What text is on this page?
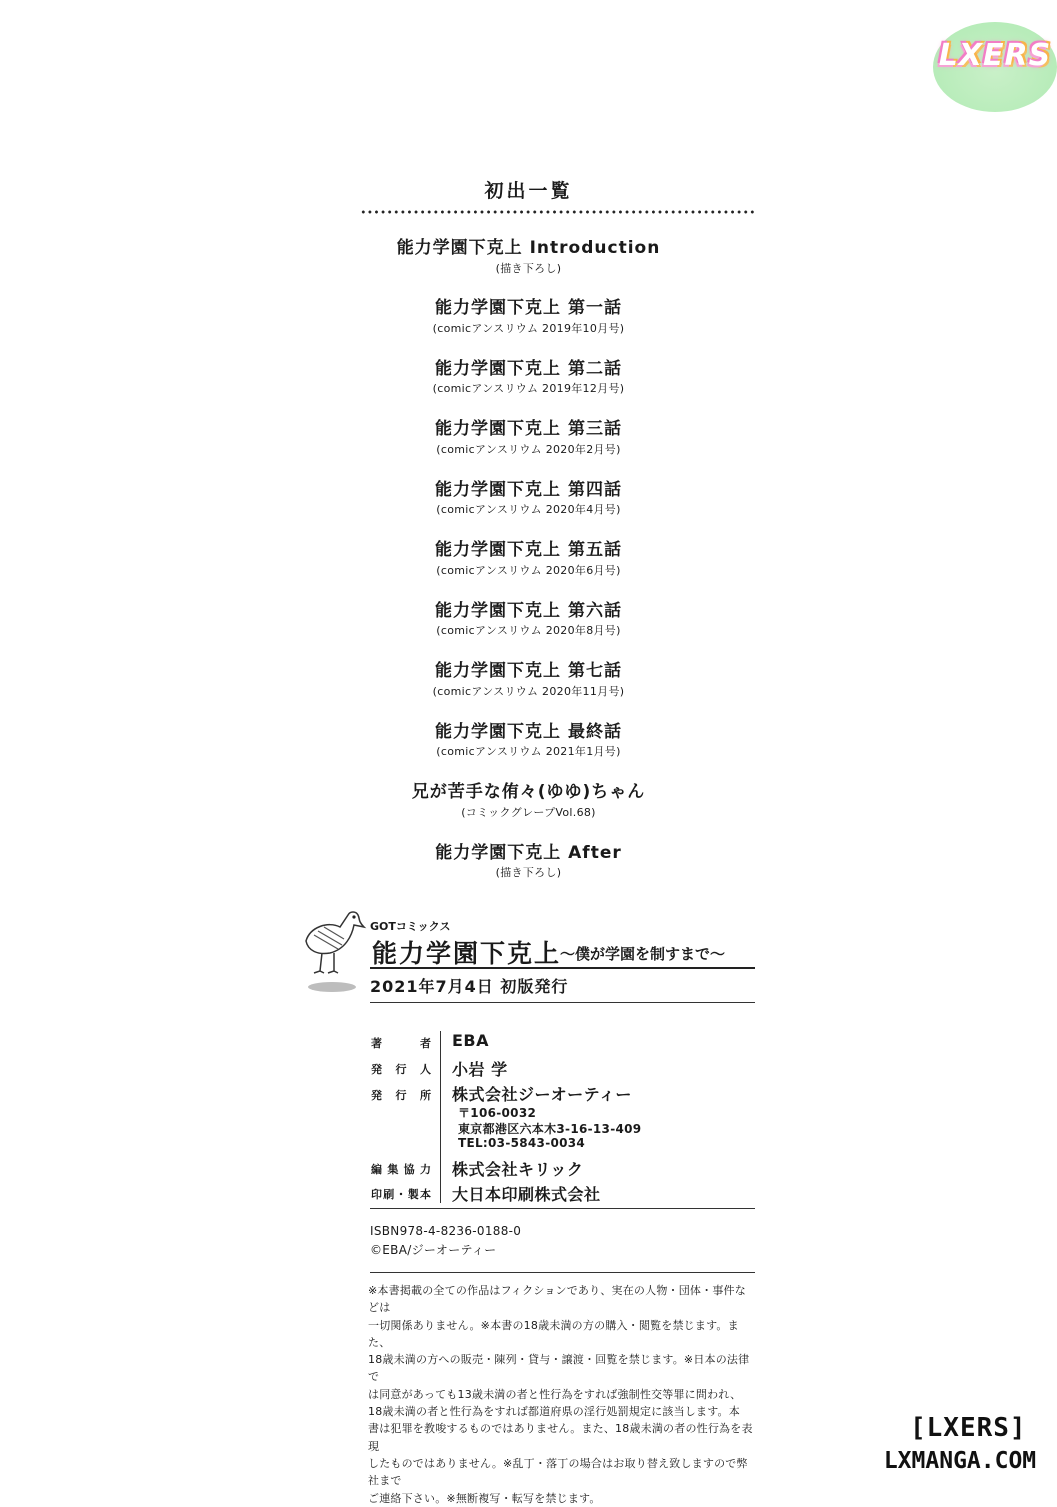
LXERS
初出一覧
能力学園下克上 Introduction
(描き下ろし)
能力学園下克上 第一話
(comicアンスリウム 2019年10月号)
能力学園下克上 第二話
(comicアンスリウム 2019年12月号)
能力学園下克上 第三話
(comicアンスリウム 2020年2月号)
能力学園下克上 第四話
(comicアンスリウム 2020年4月号)
能力学園下克上 第五話
(comicアンスリウム 2020年6月号)
能力学園下克上 第六話
(comicアンスリウム 2020年8月号)
能力学園下克上 第七話
(comicアンスリウム 2020年11月号)
能力学園下克上 最終話
(comicアンスリウム 2021年1月号)
兄が苦手な侑々(ゆゆ)ちゃん
(コミックグレープVol.68)
能力学園下克上 After
(描き下ろし)
GOTコミックス
能力学園下克上
〜僕が学園を制すまで〜
2021年7月4日 初版発行
著者 EBA
発行人 小岩 学
発行所 株式会社ジーオーティー
〒106-0032
東京都港区六本木3-16-13-409
TEL:03-5843-0034
編集協力 株式会社キリック
印刷・製本 大日本印刷株式会社
ISBN978-4-8236-0188-0
©EBA/ジーオーティー
※本書掲載の全ての作品はフィクションであり、実在の人物・団体・事件などは
一切関係ありません。※本書の18歳未満の方の購入・閲覧を禁じます。また、
18歳未満の方への販売・陳列・貸与・譲渡・回覧を禁じます。※日本の法律で
は同意があっても13歳未満の者と性行為をすれば強制性交等罪に問われ、
18歳未満の者と性行為をすれば都道府県の淫行処罰規定に該当します。本
書は犯罪を教唆するものではありません。また、18歳未満の者の性行為を表現
したものではありません。※乱丁・落丁の場合はお取り替え致しますので弊社まで
ご連絡下さい。※無断複写・転写を禁じます。
[LXERS]
LXMANGA.COM
